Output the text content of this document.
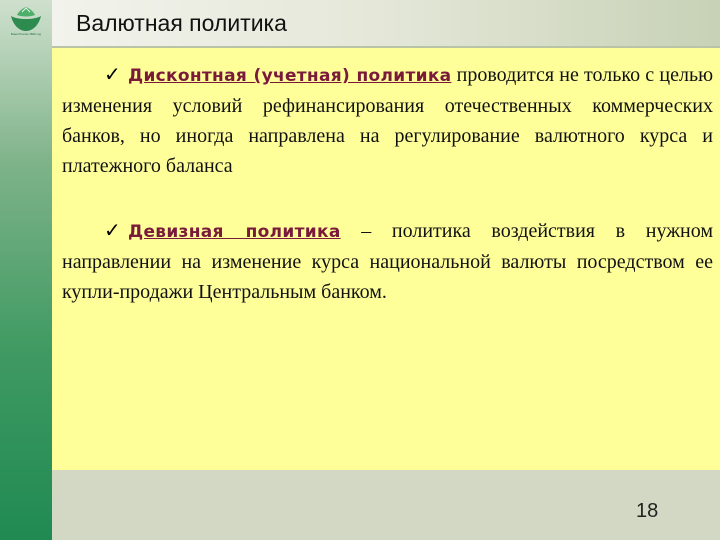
Банк России 1860 год	Валютная политика
✓ Дисконтная (учетная) политика проводится не только с целью изменения условий рефинансирования отечественных коммерческих банков, но иногда направлена на регулирование валютного курса и платежного баланса
✓ Девизная политика – политика воздействия в нужном направлении на изменение курса национальной валюты посредством ее купли-продажи Центральным банком.
18
